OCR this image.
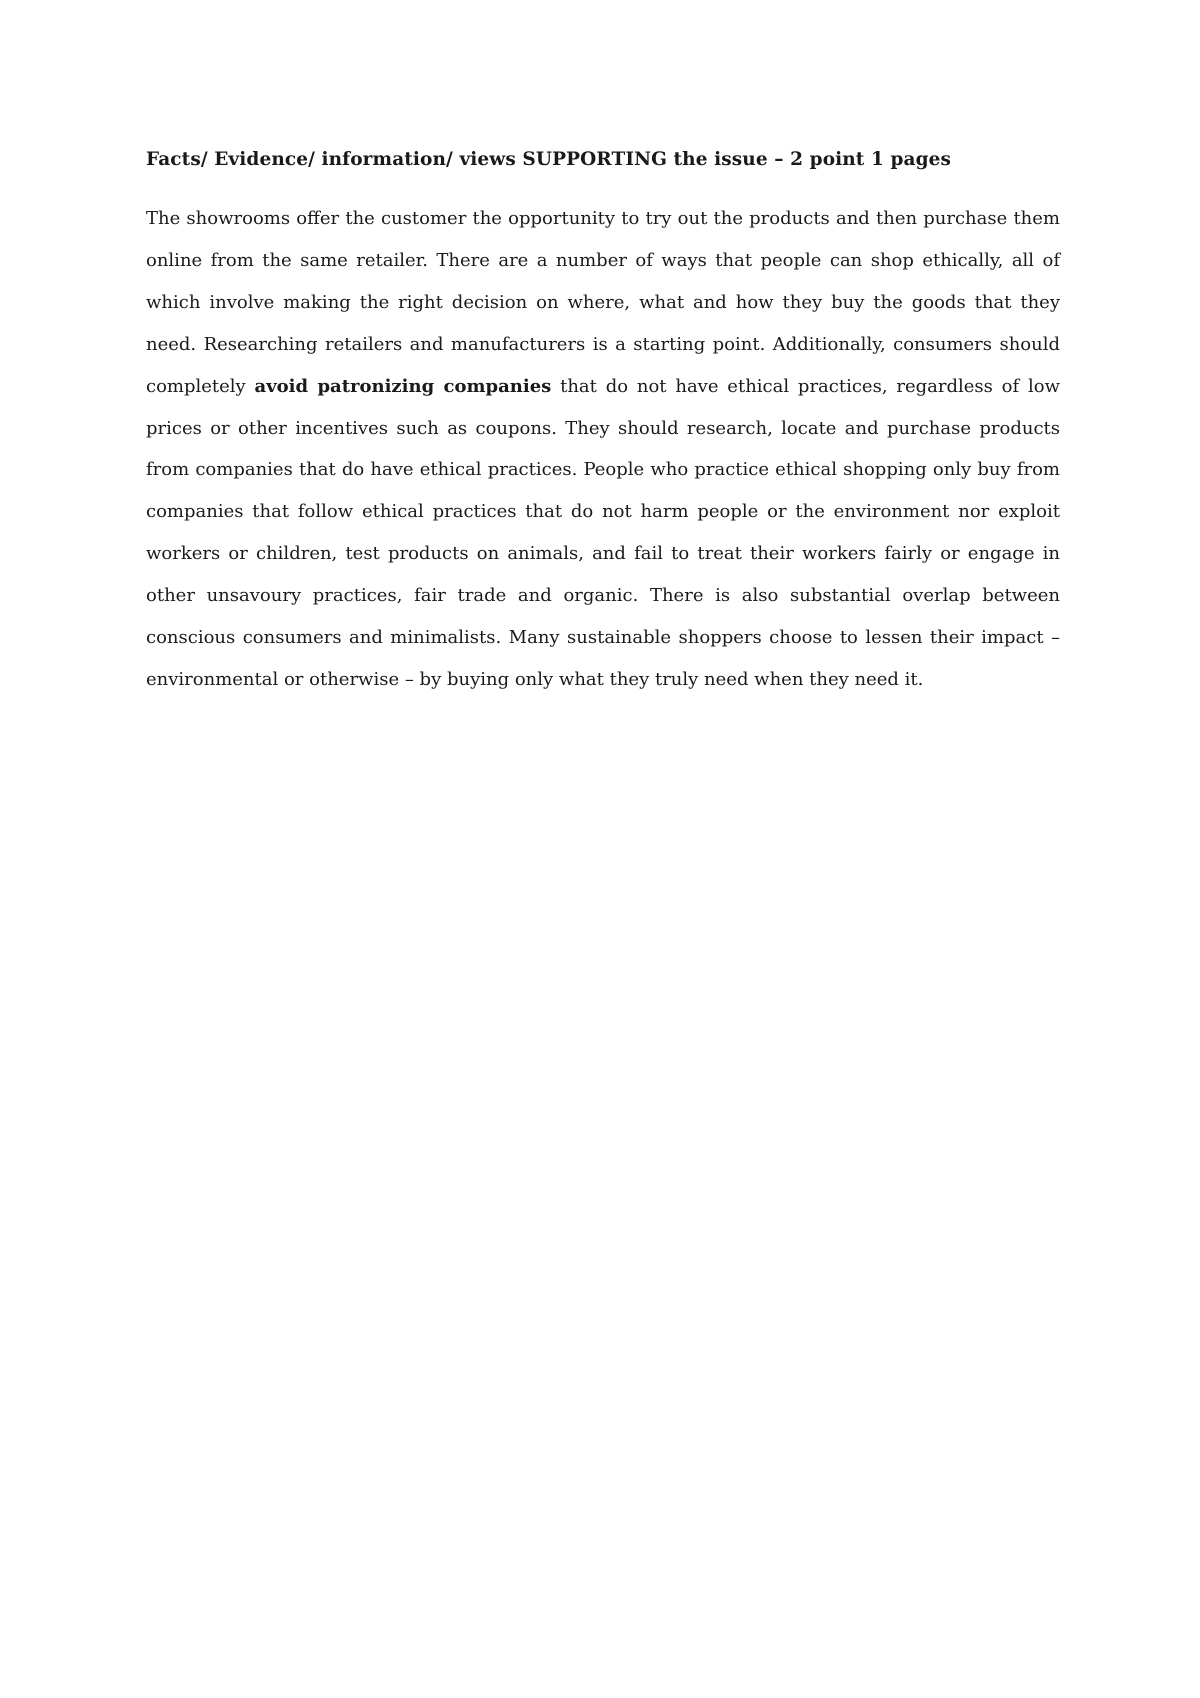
Facts/ Evidence/ information/ views SUPPORTING the issue – 2 point 1 pages

The showrooms offer the customer the opportunity to try out the products and then purchase them online from the same retailer. There are a number of ways that people can shop ethically, all of which involve making the right decision on where, what and how they buy the goods that they need. Researching retailers and manufacturers is a starting point. Additionally, consumers should completely avoid patronizing companies that do not have ethical practices, regardless of low prices or other incentives such as coupons. They should research, locate and purchase products from companies that do have ethical practices. People who practice ethical shopping only buy from companies that follow ethical practices that do not harm people or the environment nor exploit workers or children, test products on animals, and fail to treat their workers fairly or engage in other unsavoury practices, fair trade and organic. There is also substantial overlap between conscious consumers and minimalists. Many sustainable shoppers choose to lessen their impact – environmental or otherwise – by buying only what they truly need when they need it.
